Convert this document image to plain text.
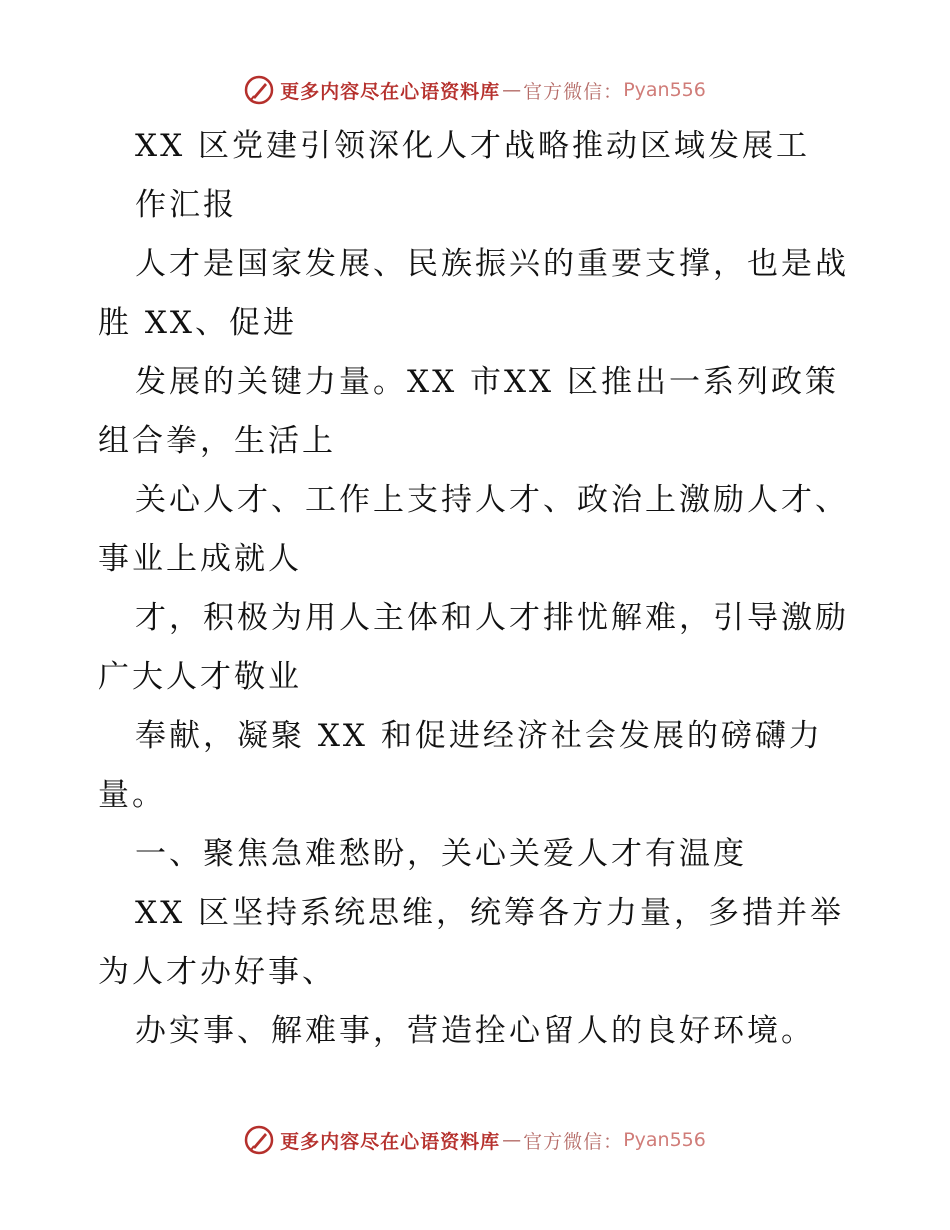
更多内容尽在心语资料库 — 官方微信： Pyan556
XX 区党建引领深化人才战略推动区域发展工
作汇报
人才是国家发展、民族振兴的重要支撑，也是战
胜 XX、促进
发展的关键力量。XX 市XX 区推出一系列政策
组合拳，生活上
关心人才、工作上支持人才、政治上激励人才、
事业上成就人
才，积极为用人主体和人才排忧解难，引导激励
广大人才敬业
奉献，凝聚 XX 和促进经济社会发展的磅礴力
量。
一、聚焦急难愁盼，关心关爱人才有温度
XX 区坚持系统思维，统筹各方力量，多措并举
为人才办好事、
办实事、解难事，营造拴心留人的良好环境。
更多内容尽在心语资料库 — 官方微信： Pyan556
